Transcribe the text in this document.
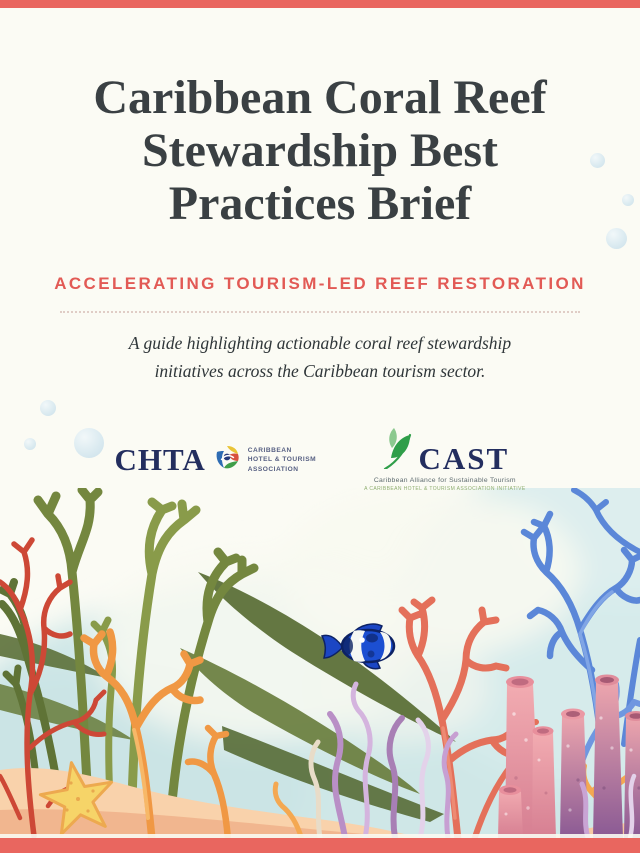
Caribbean Coral Reef
Stewardship Best
Practices Brief
ACCELERATING TOURISM-LED REEF RESTORATION

A guide highlighting actionable coral reef stewardship initiatives across the Caribbean tourism sector.

CHTA	CARIBBEAN
HOTEL & TOURISM
ASSOCIATION	CAST
Caribbean Alliance for Sustainable Tourism
A CARIBBEAN HOTEL & TOURISM ASSOCIATION INITIATIVE
